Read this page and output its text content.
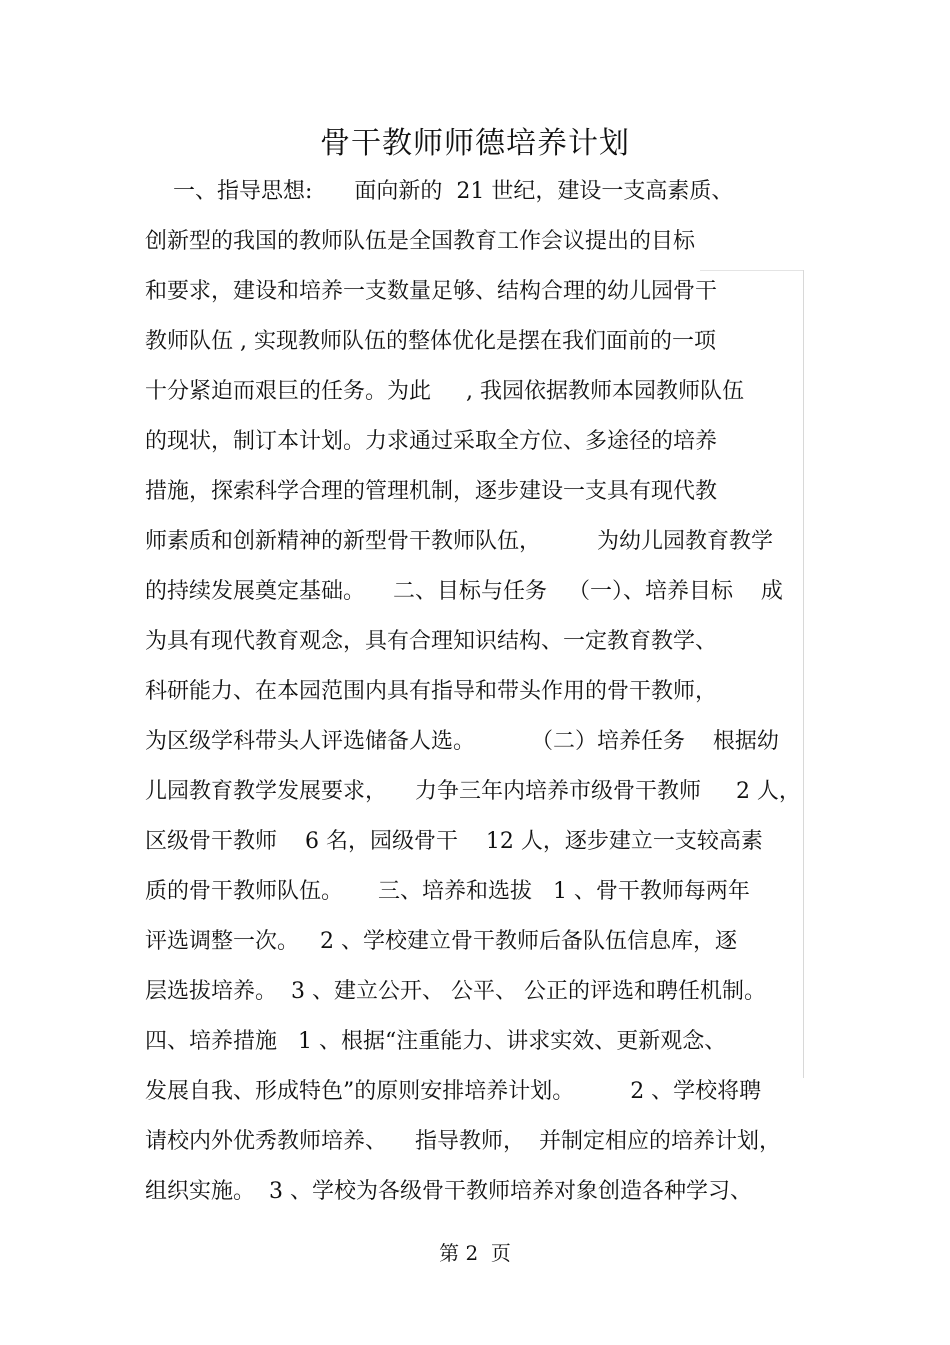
骨干教师师德培养计划
一、指导思想:      面向新的  21 世纪，建设一支高素质、
创新型的我国的教师队伍是全国教育工作会议提出的目标
和要求，建设和培养一支数量足够、结构合理的幼儿园骨干
教师队伍 , 实现教师队伍的整体优化是摆在我们面前的一项
十分紧迫而艰巨的任务。为此     , 我园依据教师本园教师队伍
的现状，制订本计划。力求通过采取全方位、多途径的培养
措施，探索科学合理的管理机制，逐步建设一支具有现代教
师素质和创新精神的新型骨干教师队伍，        为幼儿园教育教学
的持续发展奠定基础。    二、目标与任务   （一）、培养目标    成
为具有现代教育观念，具有合理知识结构、一定教育教学、
科研能力、在本园范围内具有指导和带头作用的骨干教师，
为区级学科带头人评选储备人选。        （二）培养任务    根据幼
儿园教育教学发展要求，    力争三年内培养市级骨干教师     2 人，
区级骨干教师    6 名，园级骨干    12 人，逐步建立一支较高素
质的骨干教师队伍。     三、培养和选拔   1 、骨干教师每两年
评选调整一次。   2 、学校建立骨干教师后备队伍信息库，逐
层选拔培养。  3 、建立公开、 公平、 公正的评选和聘任机制。
四、培养措施   1 、根据“注重能力、讲求实效、更新观念、
发展自我、形成特色”的原则安排培养计划。        2 、学校将聘
请校内外优秀教师培养、    指导教师，  并制定相应的培养计划，
组织实施。  3 、学校为各级骨干教师培养对象创造各种学习、
第 2  页
